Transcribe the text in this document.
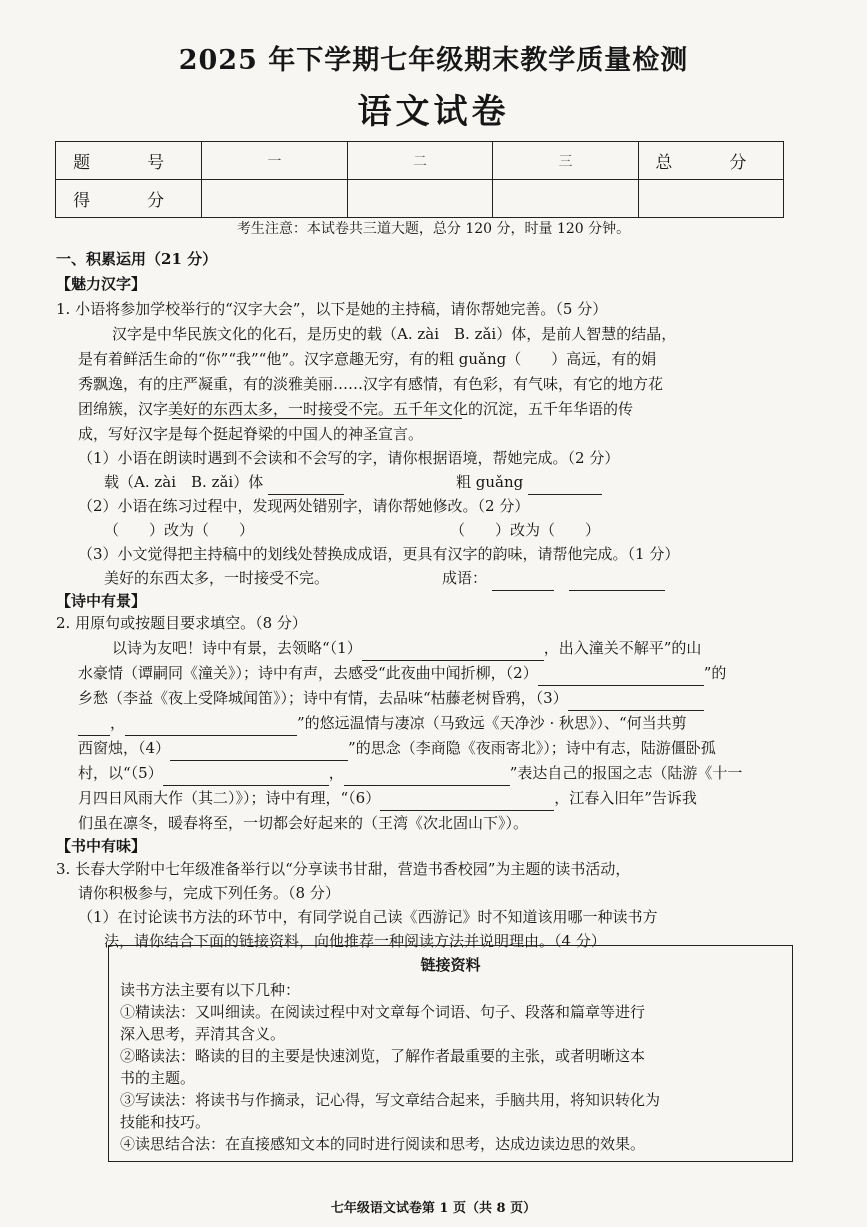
2025 年下学期七年级期末教学质量检测
语文试卷
题　号	一	二	三	总　分
得　分				
考生注意：本试卷共三道大题，总分 120 分，时量 120 分钟。
一、积累运用（21 分）
【魅力汉字】
1. 小语将参加学校举行的“汉字大会”，以下是她的主持稿，请你帮她完善。（5 分）
汉字是中华民族文化的化石，是历史的载（A. zài　B. zǎi）体，是前人智慧的结晶，
是有着鲜活生命的“你”“我”“他”。汉字意趣无穷，有的粗 guǎng（　　）高远，有的娟
秀飘逸，有的庄严凝重，有的淡雅美丽……汉字有感情，有色彩，有气味，有它的地方花
团绵簇，汉字美好的东西太多，一时接受不完。五千年文化的沉淀，五千年华语的传
成，写好汉字是每个挺起脊梁的中国人的神圣宣言。
（1）小语在朗读时遇到不会读和不会写的字，请你根据语境，帮她完成。（2 分）
载（A. zài　B. zǎi）体	粗 guǎng
（2）小语在练习过程中，发现两处错别字，请你帮她修改。（2 分）
（　　）改为（　　）	（　　）改为（　　）
（3）小文觉得把主持稿中的划线处替换成成语，更具有汉字的韵味，请帮他完成。（1 分）
美好的东西太多，一时接受不完。	成语：
【诗中有景】
2. 用原句或按题目要求填空。（8 分）
以诗为友吧！诗中有景，去领略“（1）	，出入潼关不解平”的山
水豪情（谭嗣同《潼关》）；诗中有声，去感受“此夜曲中闻折柳，（2）	”的
乡愁（李益《夜上受降城闻笛》）；诗中有情，去品味“枯藤老树昏鸦，（3）
，	”的悠远温情与凄凉（马致远《天净沙 · 秋思》）、“何当共剪
西窗烛，（4）	”的思念（李商隐《夜雨寄北》）；诗中有志，陆游僵卧孤
村，以“（5）	，	”表达自己的报国之志（陆游《十一
月四日风雨大作（其二）》）；诗中有理，“（6）	，江春入旧年”告诉我
们虽在凛冬，暖春将至，一切都会好起来的（王湾《次北固山下》）。
【书中有味】
3. 长春大学附中七年级准备举行以“分享读书甘甜，营造书香校园”为主题的读书活动，
请你积极参与，完成下列任务。（8 分）
（1）在讨论读书方法的环节中，有同学说自己读《西游记》时不知道该用哪一种读书方
法，请你结合下面的链接资料，向他推荐一种阅读方法并说明理由。（4 分）
链接资料
读书方法主要有以下几种：
①精读法：又叫细读。在阅读过程中对文章每个词语、句子、段落和篇章等进行
深入思考，弄清其含义。
②略读法：略读的目的主要是快速浏览，了解作者最重要的主张，或者明晰这本
书的主题。
③写读法：将读书与作摘录，记心得，写文章结合起来，手脑共用，将知识转化为
技能和技巧。
④读思结合法：在直接感知文本的同时进行阅读和思考，达成边读边思的效果。
七年级语文试卷第 1 页（共 8 页）
